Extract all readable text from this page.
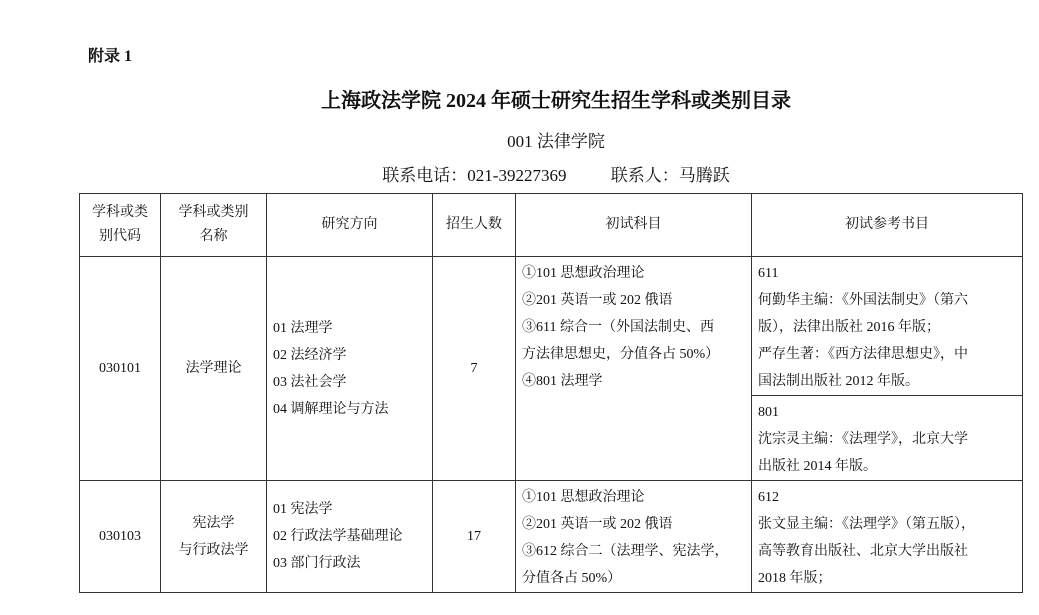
附录 1
上海政法学院 2024 年硕士研究生招生学科或类别目录
001 法律学院
联系电话：021-39227369	联系人：马腾跃
学科或类
别代码	学科或类别
名称	研究方向	招生人数	初试科目	初试参考书目
030101	法学理论	01 法理学
02 法经济学
03 法社会学
04 调解理论与方法	7	①101 思想政治理论
②201 英语一或 202 俄语
③611 综合一（外国法制史、西
方法律思想史，分值各占 50%）
④801 法理学	611
何勤华主编：《外国法制史》（第六
版），法律出版社 2016 年版；
严存生著：《西方法律思想史》，中
国法制出版社 2012 年版。

					801
沈宗灵主编：《法理学》，北京大学
出版社 2014 年版。

030103	宪法学
与行政法学	01 宪法学
02 行政法学基础理论
03 部门行政法	17	①101 思想政治理论
②201 英语一或 202 俄语
③612 综合二（法理学、宪法学，
分值各占 50%）	612
张文显主编：《法理学》（第五版），
高等教育出版社、北京大学出版社
2018 年版；
